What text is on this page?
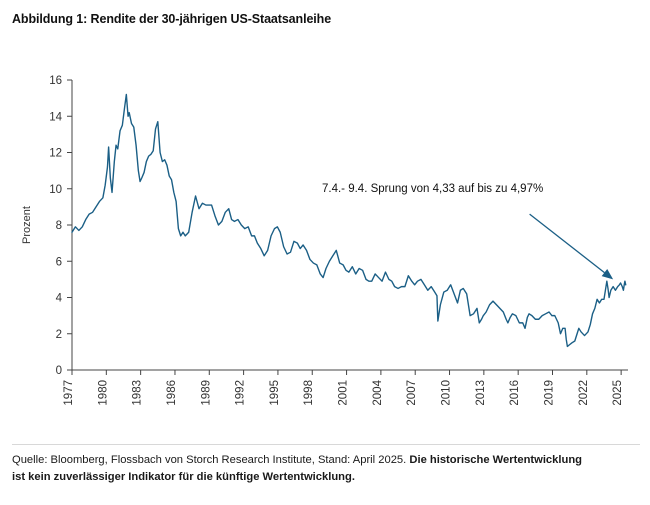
Abbildung 1: Rendite der 30-jährigen US-Staatsanleihe
0
2
4
6
8
10
12
14
16
1977 1980 1983 1986 1989 1992 1995 1998 2001 2004 2007 2010 2013 2016 2019 2022 2025
Prozent
7.4.- 9.4. Sprung von 4,33 auf bis zu 4,97%
Quelle: Bloomberg, Flossbach von Storch Research Institute, Stand: April 2025. Die historische Wertentwicklung
ist kein zuverlässiger Indikator für die künftige Wertentwicklung.
